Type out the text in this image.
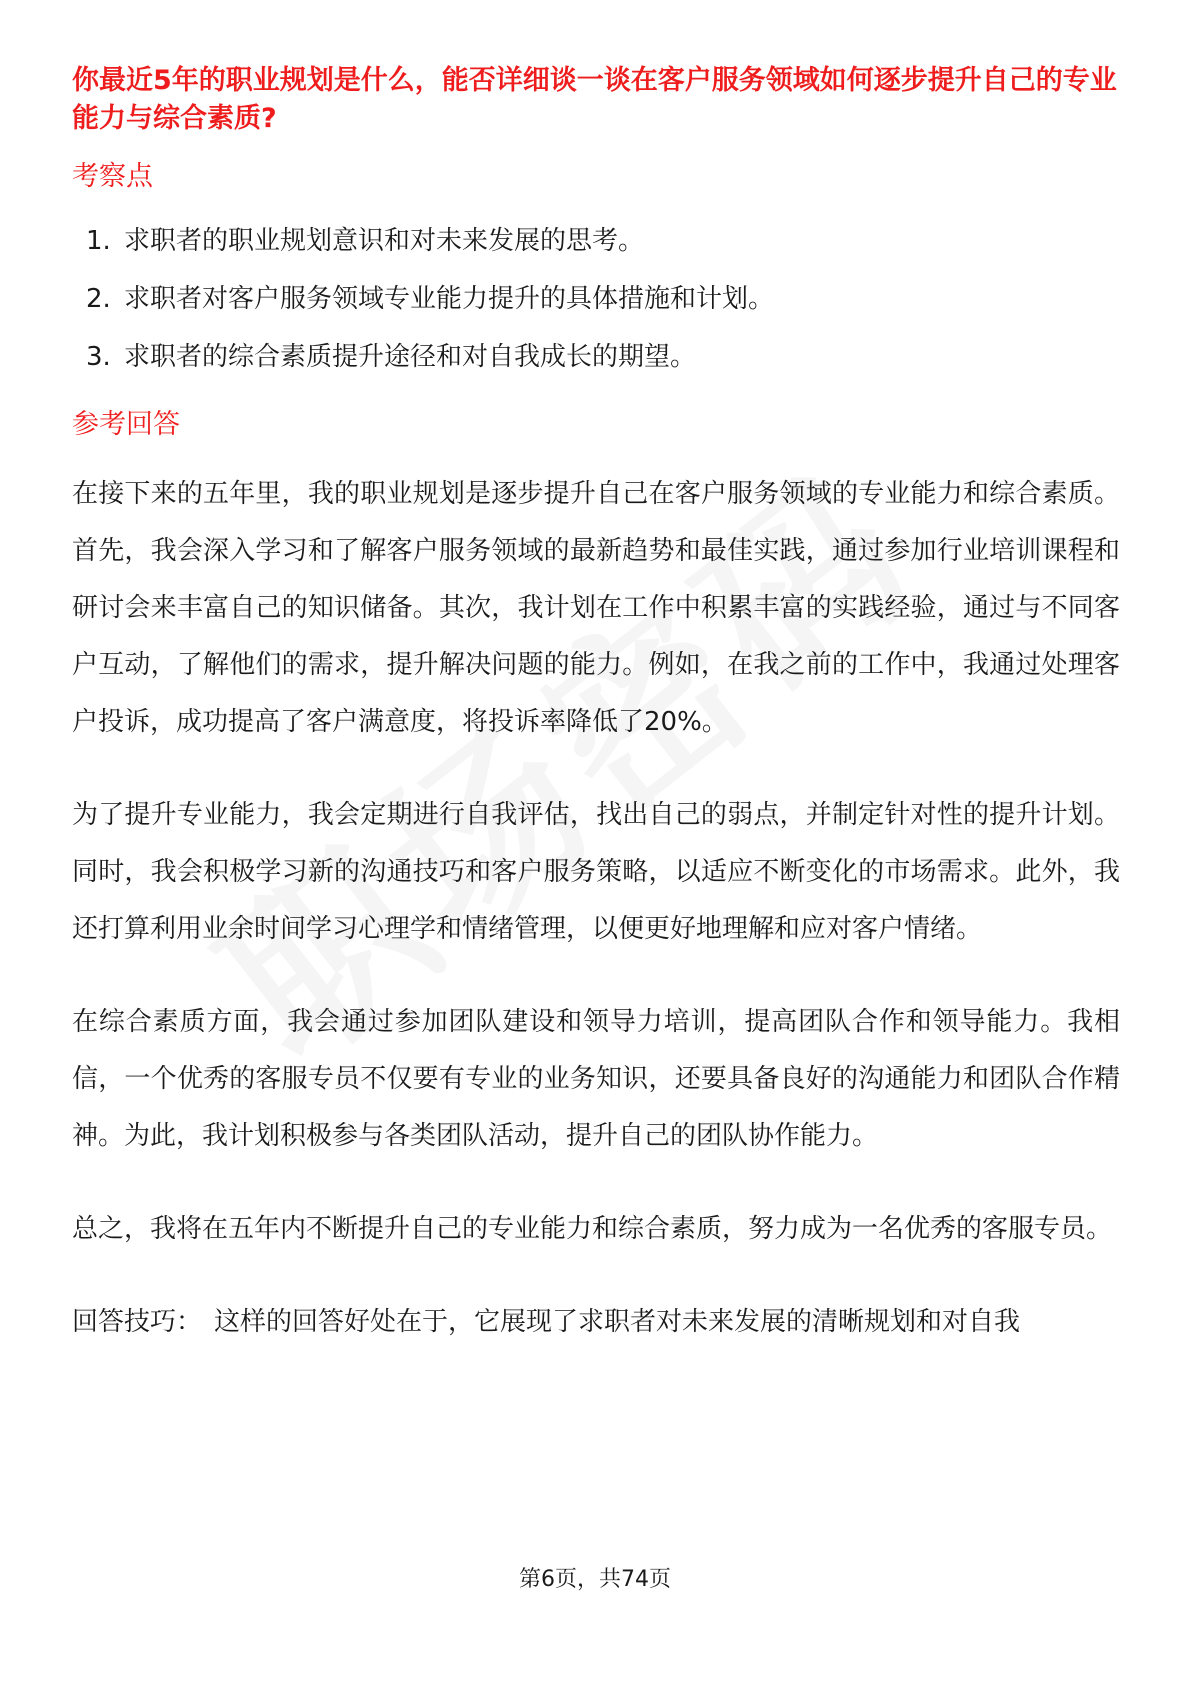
你最近5年的职业规划是什么，能否详细谈一谈在客户服务领域如何逐步提升自己的专业能力与综合素质?
考察点
1. 求职者的职业规划意识和对未来发展的思考。
2. 求职者对客户服务领域专业能力提升的具体措施和计划。
3. 求职者的综合素质提升途径和对自我成长的期望。
参考回答

在接下来的五年里，我的职业规划是逐步提升自己在客户服务领域的专业能力和综合素质。首先，我会深入学习和了解客户服务领域的最新趋势和最佳实践，通过参加行业培训课程和研讨会来丰富自己的知识储备。其次，我计划在工作中积累丰富的实践经验，通过与不同客户互动，了解他们的需求，提升解决问题的能力。例如，在我之前的工作中，我通过处理客户投诉，成功提高了客户满意度，将投诉率降低了20%。

为了提升专业能力，我会定期进行自我评估，找出自己的弱点，并制定针对性的提升计划。同时，我会积极学习新的沟通技巧和客户服务策略，以适应不断变化的市场需求。此外，我还打算利用业余时间学习心理学和情绪管理，以便更好地理解和应对客户情绪。

在综合素质方面，我会通过参加团队建设和领导力培训，提高团队合作和领导能力。我相信，一个优秀的客服专员不仅要有专业的业务知识，还要具备良好的沟通能力和团队合作精神。为此，我计划积极参与各类团队活动，提升自己的团队协作能力。

总之，我将在五年内不断提升自己的专业能力和综合素质，努力成为一名优秀的客服专员。

回答技巧： 这样的回答好处在于，它展现了求职者对未来发展的清晰规划和对自我

第6页，共74页
